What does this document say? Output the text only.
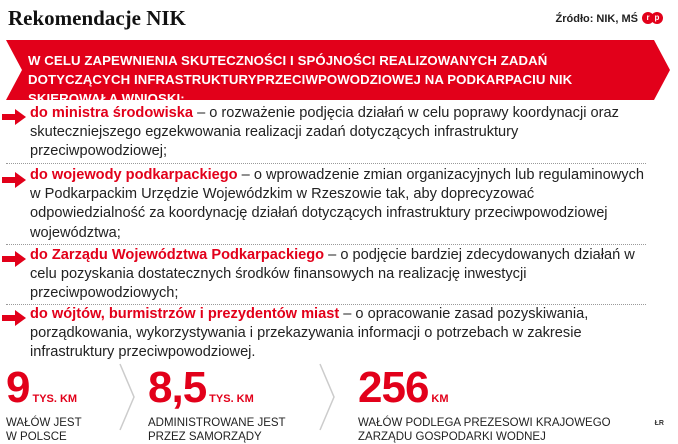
Rekomendacje NIK	Źródło: NIK, MŚ	r p
W CELU ZAPEWNIENIA SKUTECZNOŚCI I SPÓJNOŚCI REALIZOWANYCH ZADAŃ DOTYCZĄCYCH INFRASTRUKTURYPRZECIWPOWODZIOWEJ NA PODKARPACIU NIK SKIEROWAŁA WNIOSKI:
do ministra środowiska – o rozważenie podjęcia działań w celu poprawy koordynacji oraz skuteczniejszego egzekwowania realizacji zadań dotyczących infrastruktury przeciwpowodziowej;
do wojewody podkarpackiego – o wprowadzenie zmian organizacyjnych lub regulaminowych w Podkarpackim Urzędzie Wojewódzkim w Rzeszowie tak, aby doprecyzować odpowiedzialność za koordynację działań dotyczących infrastruktury przeciwpowodziowej województwa;
do Zarządu Województwa Podkarpackiego – o podjęcie bardziej zdecydowanych działań w celu pozyskania dostatecznych środków finansowych na realizację inwestycji przeciwpowodziowych;
do wójtów, burmistrzów i prezydentów miast – o opracowanie zasad pozyskiwania, porządkowania, wykorzystywania i przekazywania informacji o potrzebach w zakresie infrastruktury przeciwpowodziowej.
9 TYS. KM
WAŁÓW JEST
W POLSCE
8,5 TYS. KM
ADMINISTROWANE JEST
PRZEZ SAMORZĄDY
256 KM
WAŁÓW PODLEGA PREZESOWI KRAJOWEGO
ZARZĄDU GOSPODARKI WODNEJ
ŁR
